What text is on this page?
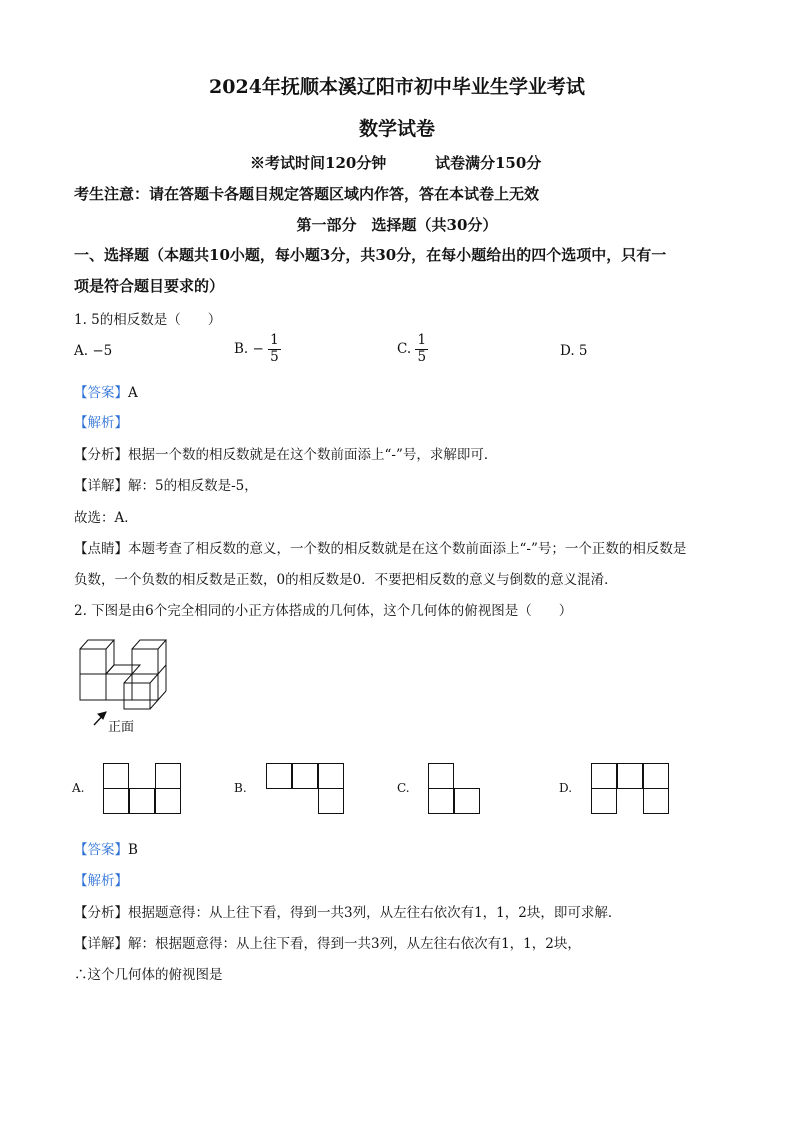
2024年抚顺本溪辽阳市初中毕业生学业考试
数学试卷
※考试时间120分钟	试卷满分150分
考生注意：请在答题卡各题目规定答题区域内作答，答在本试卷上无效
第一部分　选择题（共30分）
一、选择题（本题共10小题，每小题3分，共30分，在每小题给出的四个选项中，只有一
项是符合题目要求的）
1. 5的相反数是（　　）
A. −5	B. − $\frac{1}{5}$	C. $\frac{1}{5}$	D. 5
【答案】A
【解析】
【分析】根据一个数的相反数就是在这个数前面添上“-”号，求解即可．
【详解】解：5的相反数是-5，
故选：A．
【点睛】本题考查了相反数的意义，一个数的相反数就是在这个数前面添上“-”号；一个正数的相反数是
负数，一个负数的相反数是正数，0的相反数是0．不要把相反数的意义与倒数的意义混淆．
2. 下图是由6个完全相同的小正方体搭成的几何体，这个几何体的俯视图是（　　）
正面
A.	B.	C.	D.
【答案】B
【解析】
【分析】根据题意得：从上往下看，得到一共3列，从左往右依次有1，1，2块，即可求解．
【详解】解：根据题意得：从上往下看，得到一共3列，从左往右依次有1，1，2块，
∴这个几何体的俯视图是
